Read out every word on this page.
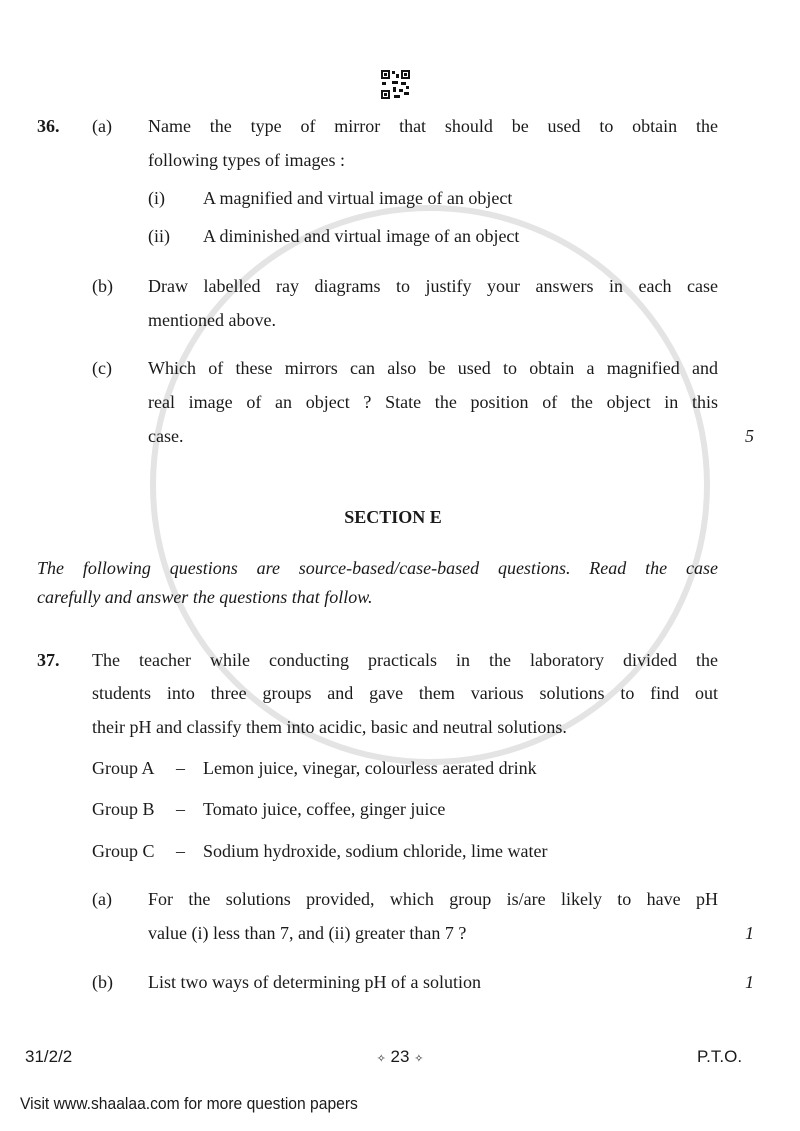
36. (a) Name the type of mirror that should be used to obtain the
following types of images :
(i) A magnified and virtual image of an object
(ii) A diminished and virtual image of an object
(b) Draw labelled ray diagrams to justify your answers in each case
mentioned above.
(c) Which of these mirrors can also be used to obtain a magnified and
real image of an object ? State the position of the object in this
case.	5
SECTION E
The following questions are source-based/case-based questions. Read the case
carefully and answer the questions that follow.
37. The teacher while conducting practicals in the laboratory divided the
students into three groups and gave them various solutions to find out
their pH and classify them into acidic, basic and neutral solutions.
Group A – Lemon juice, vinegar, colourless aerated drink
Group B – Tomato juice, coffee, ginger juice
Group C – Sodium hydroxide, sodium chloride, lime water
(a) For the solutions provided, which group is/are likely to have pH
value (i) less than 7, and (ii) greater than 7 ?	1
(b) List two ways of determining pH of a solution	1
31/2/2	✧ 23 ✧	P.T.O.
Visit www.shaalaa.com for more question papers
